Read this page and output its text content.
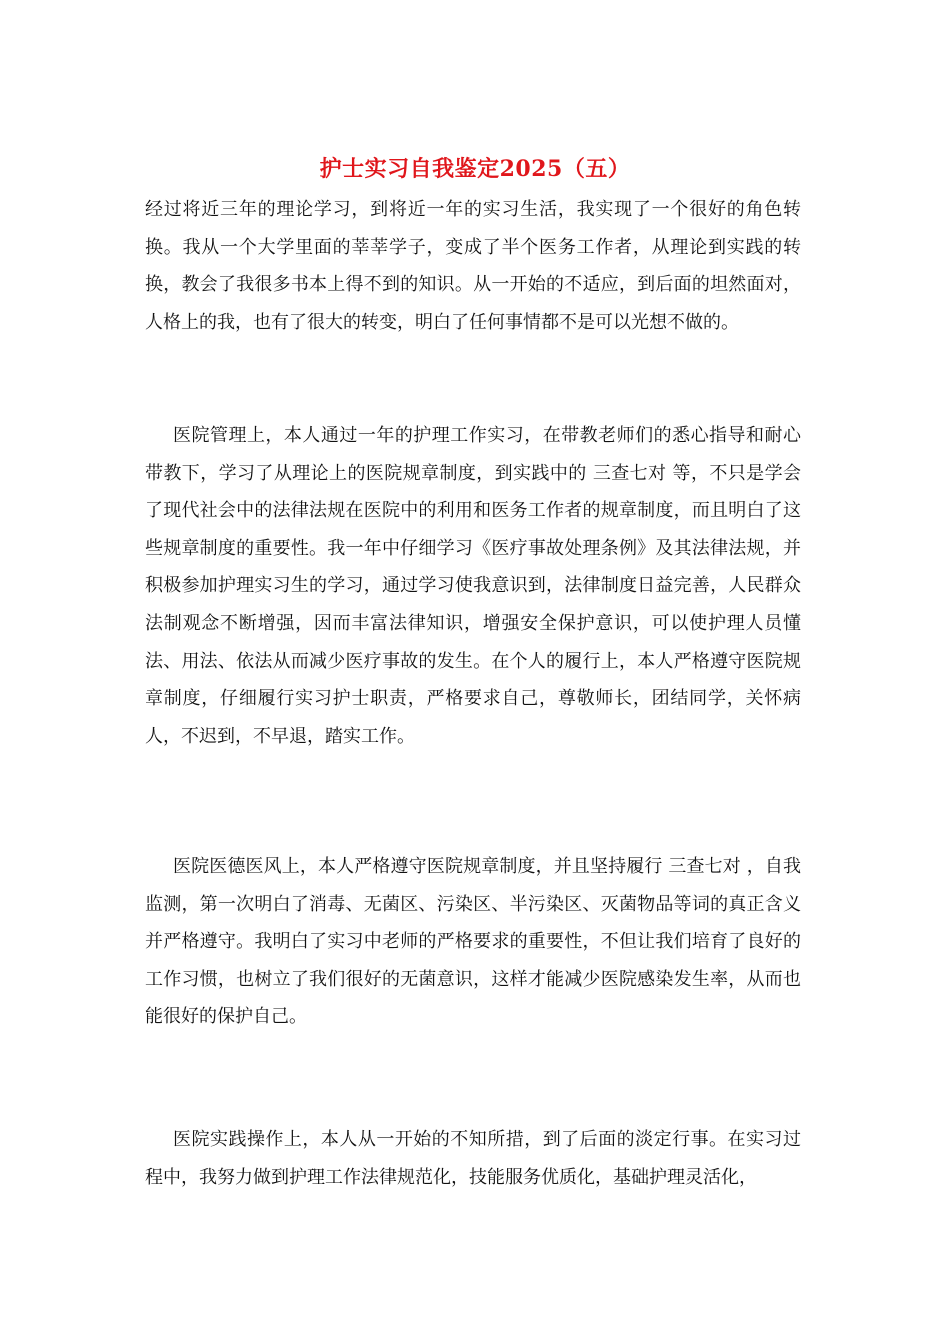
护士实习自我鉴定2025（五）

经过将近三年的理论学习，到将近一年的实习生活，我实现了一个很好的角色转换。我从一个大学里面的莘莘学子，变成了半个医务工作者，从理论到实践的转换，教会了我很多书本上得不到的知识。从一开始的不适应，到后面的坦然面对，人格上的我，也有了很大的转变，明白了任何事情都不是可以光想不做的。

医院管理上，本人通过一年的护理工作实习，在带教老师们的悉心指导和耐心带教下，学习了从理论上的医院规章制度，到实践中的 三查七对 等，不只是学会了现代社会中的法律法规在医院中的利用和医务工作者的规章制度，而且明白了这些规章制度的重要性。我一年中仔细学习《医疗事故处理条例》及其法律法规，并积极参加护理实习生的学习，通过学习使我意识到，法律制度日益完善，人民群众法制观念不断增强，因而丰富法律知识，增强安全保护意识，可以使护理人员懂法、用法、依法从而减少医疗事故的发生。在个人的履行上，本人严格遵守医院规章制度，仔细履行实习护士职责，严格要求自己，尊敬师长，团结同学，关怀病人，不迟到，不早退，踏实工作。

医院医德医风上，本人严格遵守医院规章制度，并且坚持履行 三查七对 ，自我监测，第一次明白了消毒、无菌区、污染区、半污染区、灭菌物品等词的真正含义并严格遵守。我明白了实习中老师的严格要求的重要性，不但让我们培育了良好的工作习惯，也树立了我们很好的无菌意识，这样才能减少医院感染发生率，从而也能很好的保护自己。

医院实践操作上，本人从一开始的不知所措，到了后面的淡定行事。在实习过程中，我努力做到护理工作法律规范化，技能服务优质化，基础护理灵活化，
